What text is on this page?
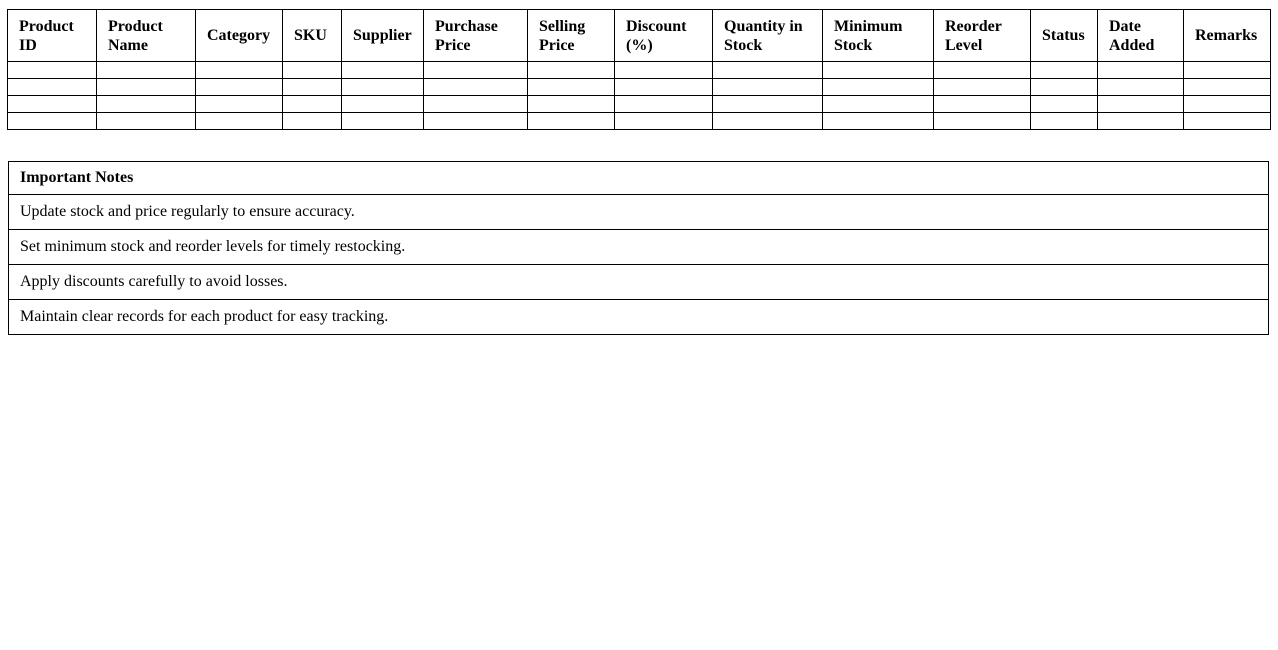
Product ID	Product Name	Category	SKU	Supplier	Purchase Price	Selling Price	Discount (%)	Quantity in Stock	Minimum Stock	Reorder Level	Status	Date Added	Remarks

Important Notes
Update stock and price regularly to ensure accuracy.
Set minimum stock and reorder levels for timely restocking.
Apply discounts carefully to avoid losses.
Maintain clear records for each product for easy tracking.
